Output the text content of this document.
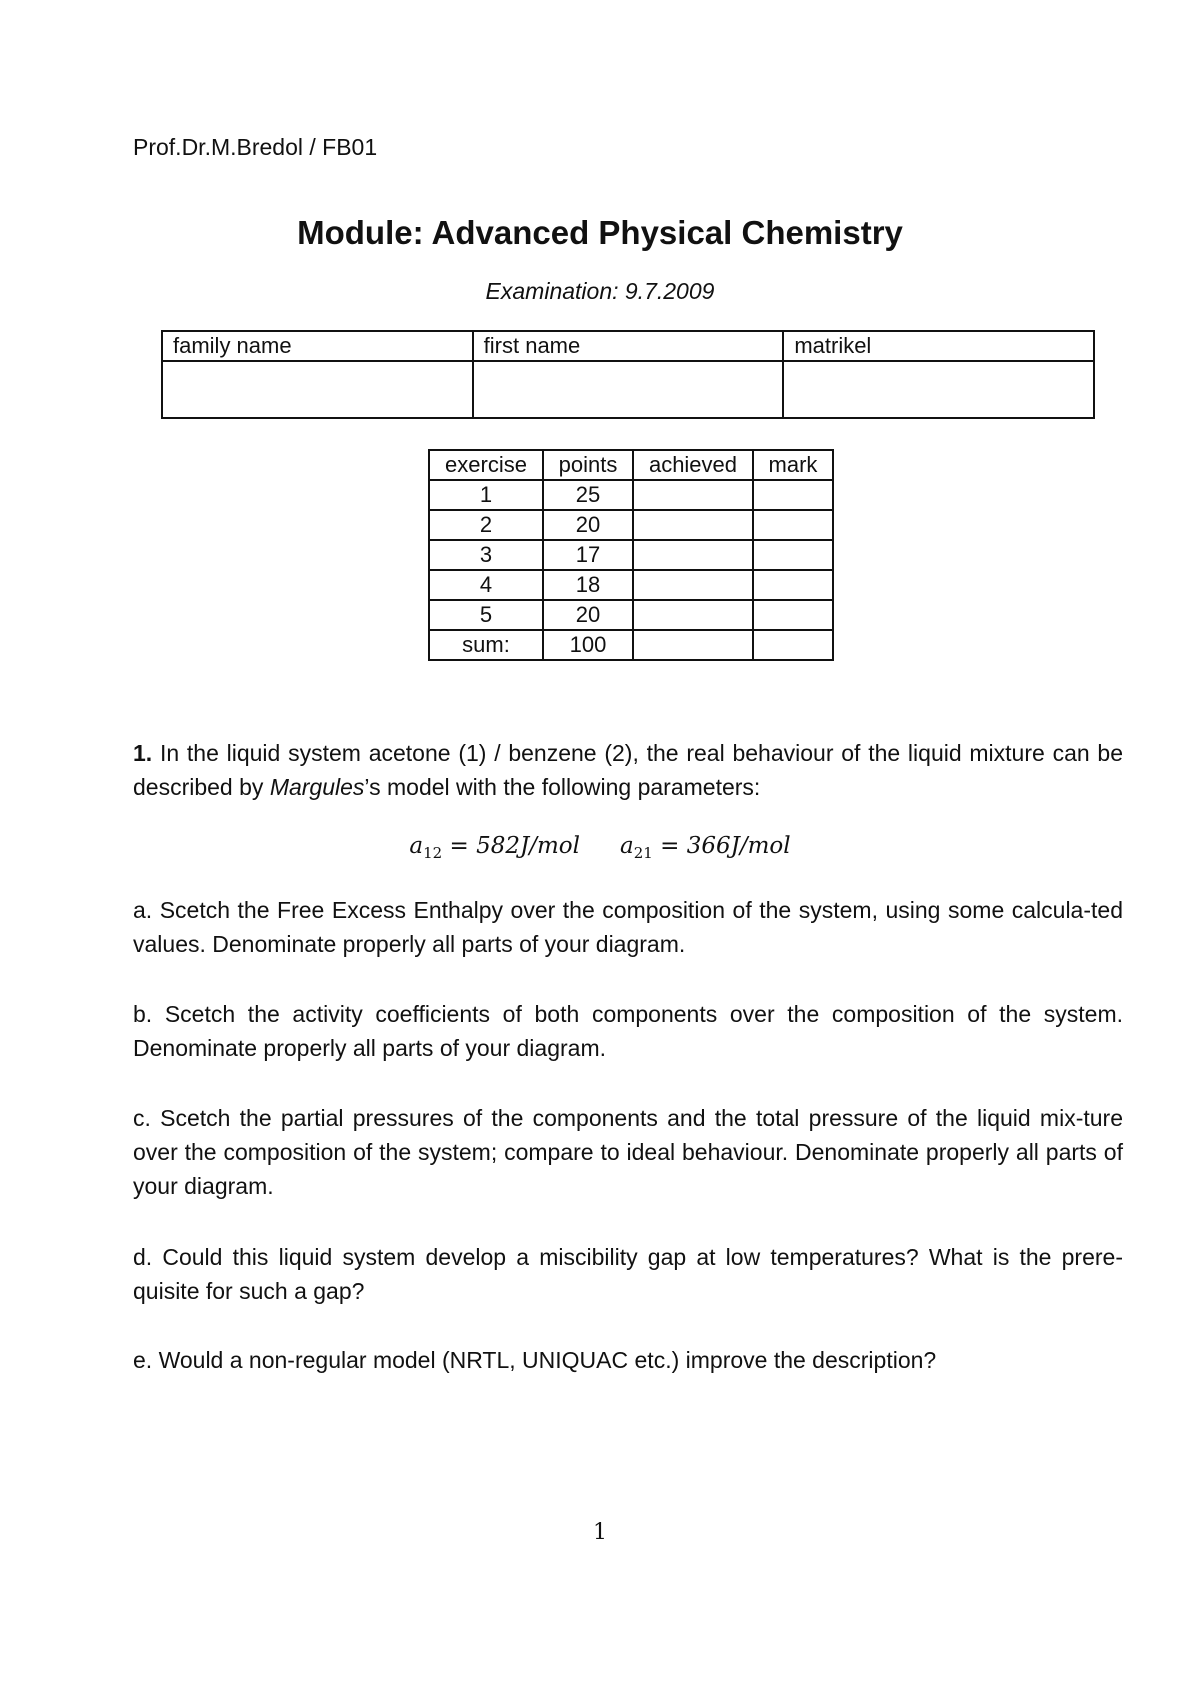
Prof.Dr.M.Bredol / FB01
Module: Advanced Physical Chemistry
Examination: 9.7.2009
family name	first name	matrikel

exercise	points	achieved	mark
1	25		
2	20		
3	17		
4	18		
5	20		
sum:	100		
1. In the liquid system acetone (1) / benzene (2), the real behaviour of the liquid mixture can be described by Margules’s model with the following parameters:
$a_{12} = 582J/mol$ $a_{21} = 366J/mol$
a. Scetch the Free Excess Enthalpy over the composition of the system, using some calcula-ted values. Denominate properly all parts of your diagram.
b. Scetch the activity coefficients of both components over the composition of the system. Denominate properly all parts of your diagram.
c. Scetch the partial pressures of the components and the total pressure of the liquid mix-ture over the composition of the system; compare to ideal behaviour. Denominate properly all parts of your diagram.
d. Could this liquid system develop a miscibility gap at low temperatures? What is the prere-quisite for such a gap?
e. Would a non-regular model (NRTL, UNIQUAC etc.) improve the description?
1
